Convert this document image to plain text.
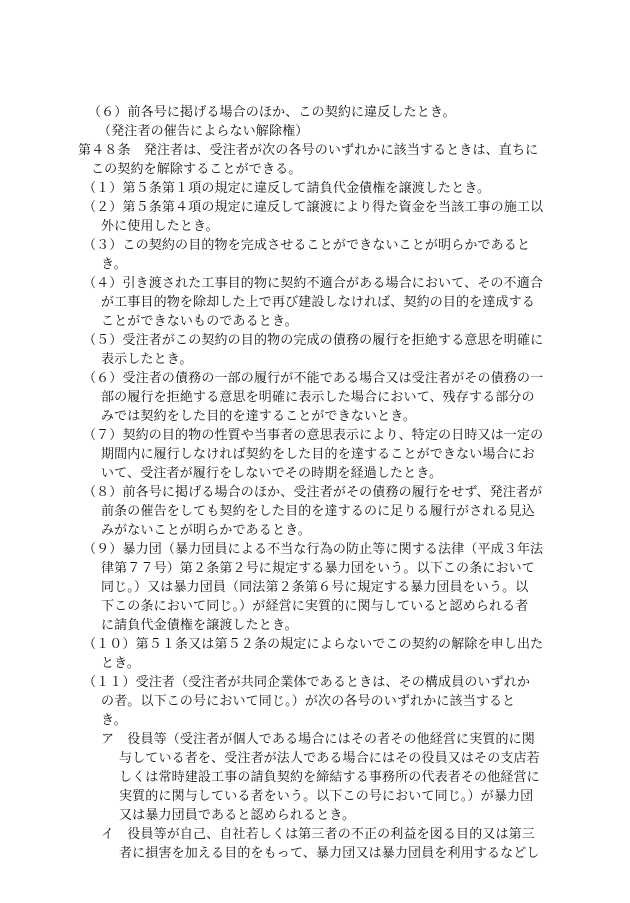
（６）前各号に掲げる場合のほか、この契約に違反したとき。
（発注者の催告によらない解除権）
第４８条　発注者は、受注者が次の各号のいずれかに該当するときは、直ちに
この契約を解除することができる。
（１）第５条第１項の規定に違反して請負代金債権を譲渡したとき。
（２）第５条第４項の規定に違反して譲渡により得た資金を当該工事の施工以
外に使用したとき。
（３）この契約の目的物を完成させることができないことが明らかであると
き。
（４）引き渡された工事目的物に契約不適合がある場合において、その不適合
が工事目的物を除却した上で再び建設しなければ、契約の目的を達成する
ことができないものであるとき。
（５）受注者がこの契約の目的物の完成の債務の履行を拒絶する意思を明確に
表示したとき。
（６）受注者の債務の一部の履行が不能である場合又は受注者がその債務の一
部の履行を拒絶する意思を明確に表示した場合において、残存する部分の
みでは契約をした目的を達することができないとき。
（７）契約の目的物の性質や当事者の意思表示により、特定の日時又は一定の
期間内に履行しなければ契約をした目的を達することができない場合にお
いて、受注者が履行をしないでその時期を経過したとき。
（８）前各号に掲げる場合のほか、受注者がその債務の履行をせず、発注者が
前条の催告をしても契約をした目的を達するのに足りる履行がされる見込
みがないことが明らかであるとき。
（９）暴力団（暴力団員による不当な行為の防止等に関する法律（平成３年法
律第７７号）第２条第２号に規定する暴力団をいう。以下この条において
同じ。）又は暴力団員（同法第２条第６号に規定する暴力団員をいう。以
下この条において同じ。）が経営に実質的に関与していると認められる者
に請負代金債権を譲渡したとき。
（１０）第５１条又は第５２条の規定によらないでこの契約の解除を申し出た
とき。
（１１）受注者（受注者が共同企業体であるときは、その構成員のいずれか
の者。以下この号において同じ。）が次の各号のいずれかに該当すると
き。
ア　役員等（受注者が個人である場合にはその者その他経営に実質的に関
与している者を、受注者が法人である場合にはその役員又はその支店若
しくは常時建設工事の請負契約を締結する事務所の代表者その他経営に
実質的に関与している者をいう。以下この号において同じ。）が暴力団
又は暴力団員であると認められるとき。
イ　役員等が自己、自社若しくは第三者の不正の利益を図る目的又は第三
者に損害を加える目的をもって、暴力団又は暴力団員を利用するなどし
